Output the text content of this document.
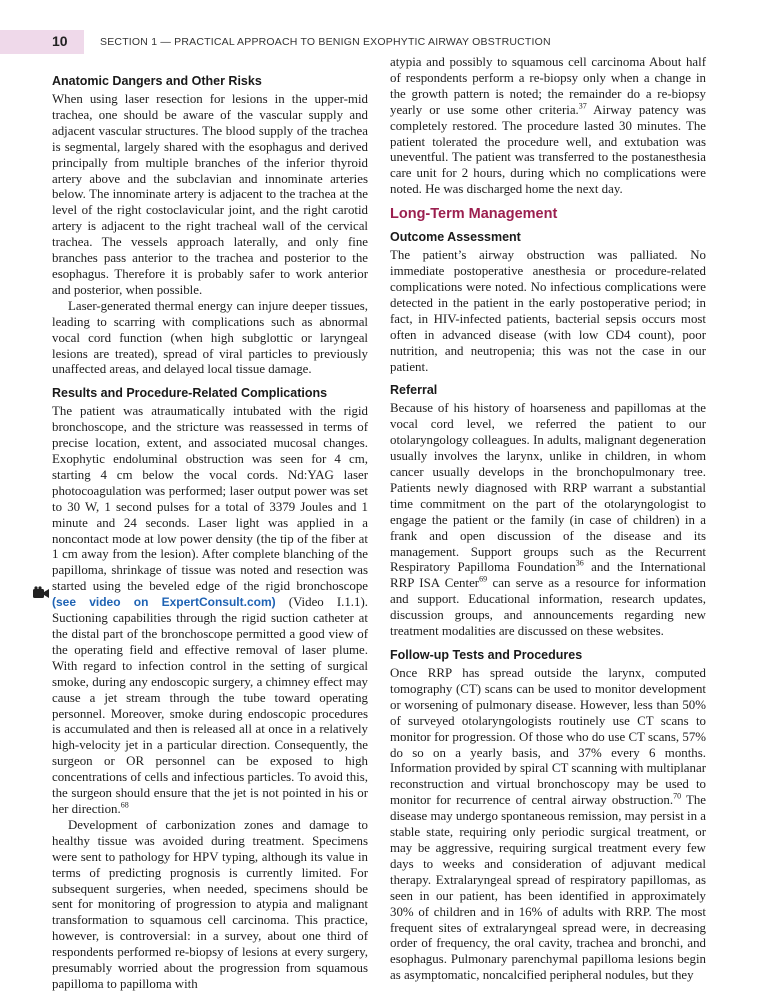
10	SECTION 1 — PRACTICAL APPROACH TO BENIGN EXOPHYTIC AIRWAY OBSTRUCTION
Anatomic Dangers and Other Risks

When using laser resection for lesions in the upper-mid trachea, one should be aware of the vascular supply and adjacent vascular structures. The blood supply of the trachea is segmental, largely shared with the esophagus and derived principally from multiple branches of the inferior thyroid artery above and the subclavian and innominate arteries below. The innominate artery is adjacent to the trachea at the level of the right costoclavicular joint, and the right carotid artery is adjacent to the right tracheal wall of the cervical trachea. The vessels approach laterally, and only fine branches pass anterior to the trachea and posterior to the esophagus. Therefore it is probably safer to work anterior and posterior, when possible.

Laser-generated thermal energy can injure deeper tissues, leading to scarring with complications such as abnormal vocal cord function (when high subglottic or laryngeal lesions are treated), spread of viral particles to previously unaffected areas, and delayed local tissue damage.

Results and Procedure-Related Complications

The patient was atraumatically intubated with the rigid bronchoscope, and the stricture was reassessed in terms of precise location, extent, and associated mucosal changes. Exophytic endoluminal obstruction was seen for 4 cm, starting 4 cm below the vocal cords. Nd:YAG laser photocoagulation was performed; laser output power was set to 30 W, 1 second pulses for a total of 3379 Joules and 1 minute and 24 seconds. Laser light was applied in a noncontact mode at low power density (the tip of the fiber at 1 cm away from the lesion). After complete blanching of the papilloma, shrinkage of tissue was noted and resection was started using the beveled edge of the rigid bronchoscope (see video on ExpertConsult.com) (Video I.1.1). Suctioning capabilities through the rigid suction catheter at the distal part of the bronchoscope permitted a good view of the operating field and effective removal of laser plume. With regard to infection control in the setting of surgical smoke, during any endoscopic surgery, a chimney effect may cause a jet stream through the tube toward operating personnel. Moreover, smoke during endoscopic procedures is accumulated and then is released all at once in a relatively high-velocity jet in a particular direction. Consequently, the surgeon or OR personnel can be exposed to high concentrations of cells and infectious particles. To avoid this, the surgeon should ensure that the jet is not pointed in his or her direction.$^{68}$

Development of carbonization zones and damage to healthy tissue was avoided during treatment. Specimens were sent to pathology for HPV typing, although its value in terms of predicting prognosis is currently limited. For subsequent surgeries, when needed, specimens should be sent for monitoring of progression to atypia and malignant transformation to squamous cell carcinoma. This practice, however, is controversial: in a survey, about one third of respondents performed re-biopsy of lesions at every surgery, presumably worried about the progression from squamous papilloma to papilloma with

atypia and possibly to squamous cell carcinoma About half of respondents perform a re-biopsy only when a change in the growth pattern is noted; the remainder do a re-biopsy yearly or use some other criteria.$^{37}$ Airway patency was completely restored. The procedure lasted 30 minutes. The patient tolerated the procedure well, and extubation was uneventful. The patient was transferred to the postanesthesia care unit for 2 hours, during which no complications were noted. He was discharged home the next day.

Long-Term Management
Outcome Assessment

The patient’s airway obstruction was palliated. No immediate postoperative anesthesia or procedure-related complications were noted. No infectious complications were detected in the patient in the early postoperative period; in fact, in HIV-infected patients, bacterial sepsis occurs most often in advanced disease (with low CD4 count), poor nutrition, and neutropenia; this was not the case in our patient.

Referral

Because of his history of hoarseness and papillomas at the vocal cord level, we referred the patient to our otolaryngology colleagues. In adults, malignant degeneration usually involves the larynx, unlike in children, in whom cancer usually develops in the bronchopulmonary tree. Patients newly diagnosed with RRP warrant a substantial time commitment on the part of the otolaryngologist to engage the patient or the family (in case of children) in a frank and open discussion of the disease and its management. Support groups such as the Recurrent Respiratory Papilloma Foundation$^{36}$ and the International RRP ISA Center$^{69}$ can serve as a resource for information and support. Educational information, research updates, discussion groups, and announcements regarding new treatment modalities are discussed on these websites.

Follow-up Tests and Procedures

Once RRP has spread outside the larynx, computed tomography (CT) scans can be used to monitor development or worsening of pulmonary disease. However, less than 50% of surveyed otolaryngologists routinely use CT scans to monitor for progression. Of those who do use CT scans, 57% do so on a yearly basis, and 37% every 6 months. Information provided by spiral CT scanning with multiplanar reconstruction and virtual bronchoscopy may be used to monitor for recurrence of central airway obstruction.$^{70}$ The disease may undergo spontaneous remission, may persist in a stable state, requiring only periodic surgical treatment, or may be aggressive, requiring surgical treatment every few days to weeks and consideration of adjuvant medical therapy. Extralaryngeal spread of respiratory papillomas, as seen in our patient, has been identified in approximately 30% of children and in 16% of adults with RRP. The most frequent sites of extralaryngeal spread were, in decreasing order of frequency, the oral cavity, trachea and bronchi, and esophagus. Pulmonary parenchymal papilloma lesions begin as asymptomatic, noncalcified peripheral nodules, but they
